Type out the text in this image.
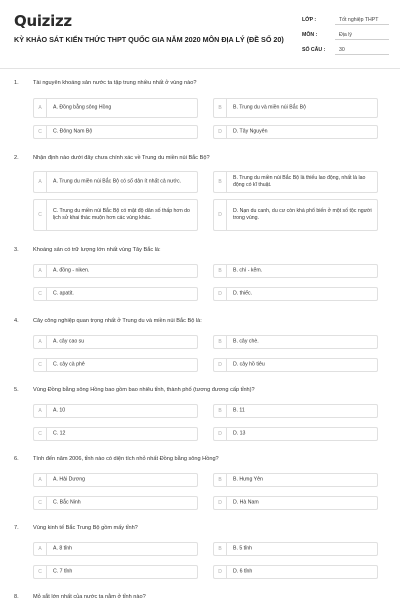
Quizizz
KỲ KHẢO SÁT KIẾN THỨC THPT QUỐC GIA NĂM 2020 MÔN ĐỊA LÝ (ĐỀ SỐ 20)
LỚP :	Tốt nghiệp THPT
MÔN :	Địa lý
SỐ CÂU :	30
1.	Tài nguyên khoáng sản nước ta tập trung nhiều nhất ở vùng nào?
A	A. Đồng bằng sông Hồng	B	B. Trung du và miền núi Bắc Bộ
C	C. Đông Nam Bộ	D	D. Tây Nguyên
2.	Nhận định nào dưới đây chưa chính xác về Trung du miền núi Bắc Bộ?
A	A. Trung du miền núi Bắc Bộ có số dân ít nhất cả nước.	B
B. Trung du miền núi Bắc Bộ là thiếu lao động, nhất là lao động có kĩ thuật.
C
C. Trung du miền núi Bắc Bộ có mật độ dân số thấp hơn do lịch sử khai thác muộn hơn các vùng khác.	D
D. Nạn du canh, du cư còn khá phổ biến ở một số tộc người trong vùng.
3.	Khoáng sản có trữ lượng lớn nhất vùng Tây Bắc là:
A	A. đồng - niken.	B	B. chì - kẽm.
C	C. apatit.	D	D. thiếc.
4.	Cây công nghiệp quan trọng nhất ở Trung du và miền núi Bắc Bộ là:
A	A. cây cao su	B	B. cây chè.
C	C. cây cà phê	D	D. cây hồ tiêu
5.	Vùng Đồng bằng sông Hồng bao gồm bao nhiêu tỉnh, thành phố (tương đương cấp tỉnh)?
A	A. 10	B	B. 11
C	C. 12	D	D. 13
6.	Tính đến năm 2006, tỉnh nào có diện tích nhỏ nhất Đồng bằng sông Hồng?
A	A. Hải Dương	B	B. Hưng Yên
C	C. Bắc Ninh	D	D. Hà Nam
7.	Vùng kinh tế Bắc Trung Bộ gồm mấy tỉnh?
A	A. 8 tỉnh	B	B. 5 tỉnh
C	C. 7 tỉnh	D	D. 6 tỉnh
8.	Mỏ sắt lớn nhất của nước ta nằm ở tỉnh nào?
